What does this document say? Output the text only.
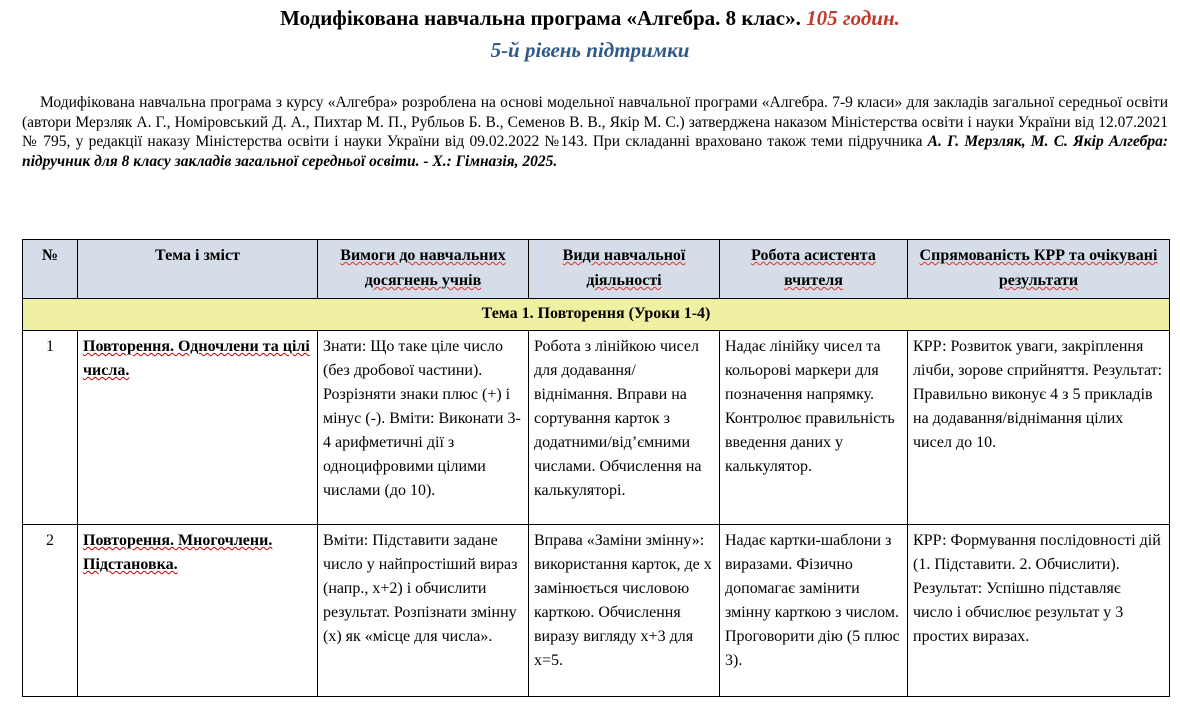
Модифікована навчальна програма «Алгебра. 8 клас». 105 годин.
5-й рівень підтримки
Модифікована навчальна програма з курсу «Алгебра» розроблена на основі модельної навчальної програми «Алгебра. 7-9 класи» для закладів загальної середньої освіти (автори Мерзляк А. Г., Номіровський Д. А., Пихтар М. П., Рубльов Б. В., Семенов В. В., Якір М. С.) затверджена наказом Міністерства освіти і науки України від 12.07.2021 № 795, у редакції наказу Міністерства освіти і науки України від 09.02.2022 №143. При складанні враховано також теми підручника А. Г. Мерзляк, М. С. Якір Алгебра: підручник для 8 класу закладів загальної середньої освіти. - Х.: Гімназія, 2025.
№	Тема і зміст	Вимоги до навчальних досягнень учнів	Види навчальної діяльності	Робота асистента вчителя	Спрямованість КРР та очікувані результати
Тема 1. Повторення (Уроки 1-4)					
1	Повторення. Одночлени та цілі числа.	Знати: Що таке ціле число (без дробової частини). Розрізняти знаки плюс (+) і мінус (-). Вміти: Виконати 3-4 арифметичні дії з одноцифровими цілими числами (до 10).	Робота з лінійкою чисел для додавання/віднімання. Вправи на сортування карток з додатними/від’ємними числами. Обчислення на калькуляторі.	Надає лінійку чисел та кольорові маркери для позначення напрямку. Контролює правильність введення даних у калькулятор.	КРР: Розвиток уваги, закріплення лічби, зорове сприйняття. Результат: Правильно виконує 4 з 5 прикладів на додавання/віднімання цілих чисел до 10.
2	Повторення. Многочлени. Підстановка.	Вміти: Підставити задане число у найпростіший вираз (напр., x+2) і обчислити результат. Розпізнати змінну (x) як «місце для числа».	Вправа «Заміни змінну»: використання карток, де x замінюється числовою карткою. Обчислення виразу вигляду x+3 для x=5.	Надає картки-шаблони з виразами. Фізично допомагає замінити змінну карткою з числом. Проговорити дію (5 плюс 3).	КРР: Формування послідовності дій (1. Підставити. 2. Обчислити). Результат: Успішно підставляє число і обчислює результат у 3 простих виразах.
